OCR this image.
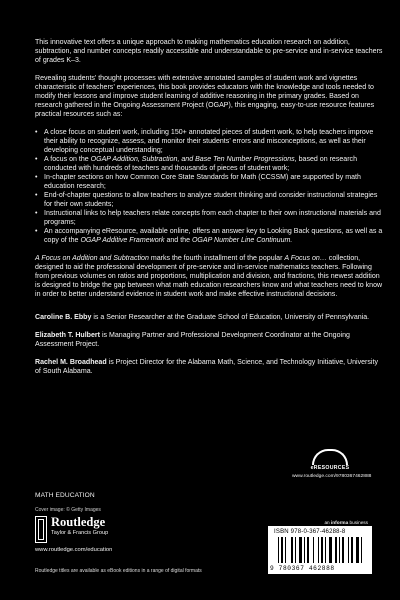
This innovative text offers a unique approach to making mathematics education research on addition, subtraction, and number concepts readily accessible and understandable to pre-service and in-service teachers of grades K–3.

Revealing students’ thought processes with extensive annotated samples of student work and vignettes characteristic of teachers’ experiences, this book provides educators with the knowledge and tools needed to modify their lessons and improve student learning of additive reasoning in the primary grades. Based on research gathered in the Ongoing Assessment Project (OGAP), this engaging, easy-to-use resource features practical resources such as:

• A close focus on student work, including 150+ annotated pieces of student work, to help teachers improve their ability to recognize, assess, and monitor their students’ errors and misconceptions, as well as their developing conceptual understanding;
• A focus on the OGAP Addition, Subtraction, and Base Ten Number Progressions, based on research conducted with hundreds of teachers and thousands of pieces of student work;
• In-chapter sections on how Common Core State Standards for Math (CCSSM) are supported by math education research;
• End-of-chapter questions to allow teachers to analyze student thinking and consider instructional strategies for their own students;
• Instructional links to help teachers relate concepts from each chapter to their own instructional materials and programs;
• An accompanying eResource, available online, offers an answer key to Looking Back questions, as well as a copy of the OGAP Additive Framework and the OGAP Number Line Continuum.

A Focus on Addition and Subtraction marks the fourth installment of the popular A Focus on… collection, designed to aid the professional development of pre-service and in-service mathematics teachers. Following from previous volumes on ratios and proportions, multiplication and division, and fractions, this newest addition is designed to bridge the gap between what math education researchers know and what teachers need to know in order to better understand evidence in student work and make effective instructional decisions.

Caroline B. Ebby is a Senior Researcher at the Graduate School of Education, University of Pennsylvania.

Elizabeth T. Hulbert is Managing Partner and Professional Development Coordinator at the Ongoing Assessment Project.

Rachel M. Broadhead is Project Director for the Alabama Math, Science, and Technology Initiative, University of South Alabama.

MATH EDUCATION
Cover image: © Getty Images
Routledge
Taylor & Francis Group
www.routledge.com/education
Routledge titles are available as eBook editions in a range of digital formats
eRESOURCES
www.routledge.com/9780367462888
an informa business
ISBN 978-0-367-46288-8
9 780367 462888
